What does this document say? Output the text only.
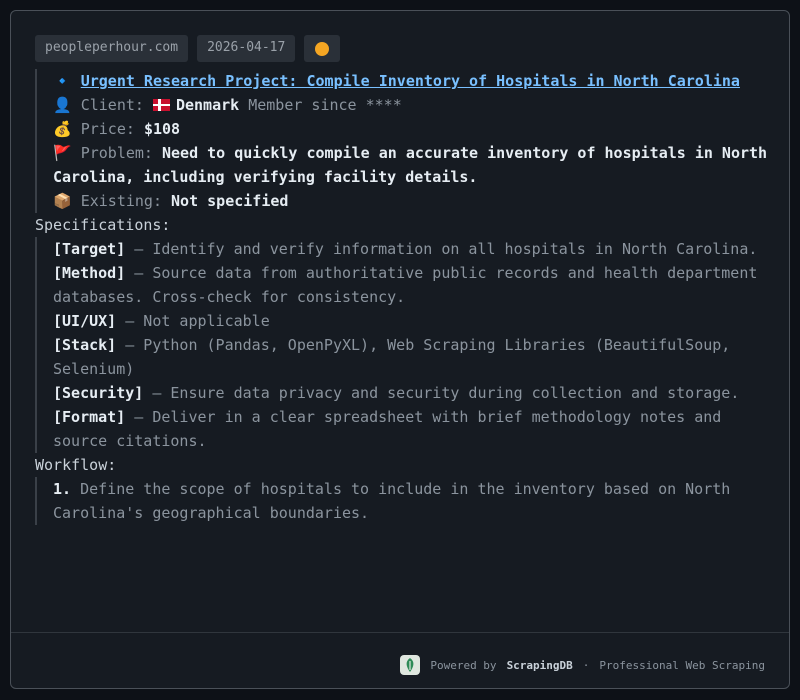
peopleperhour.com	2026-04-17
🔹 Urgent Research Project: Compile Inventory of Hospitals in North Carolina
👤 Client: Denmark Member since ****
💰 Price: $108
🚩 Problem: Need to quickly compile an accurate inventory of hospitals in North Carolina, including verifying facility details.
📦 Existing: Not specified
Specifications:
[Target] – Identify and verify information on all hospitals in North Carolina.
[Method] – Source data from authoritative public records and health department databases. Cross-check for consistency.
[UI/UX] – Not applicable
[Stack] – Python (Pandas, OpenPyXL), Web Scraping Libraries (BeautifulSoup, Selenium)
[Security] – Ensure data privacy and security during collection and storage.
[Format] – Deliver in a clear spreadsheet with brief methodology notes and source citations.
Workflow:
1. Define the scope of hospitals to include in the inventory based on North Carolina's geographical boundaries.
Powered by ScrapingDB · Professional Web Scraping
